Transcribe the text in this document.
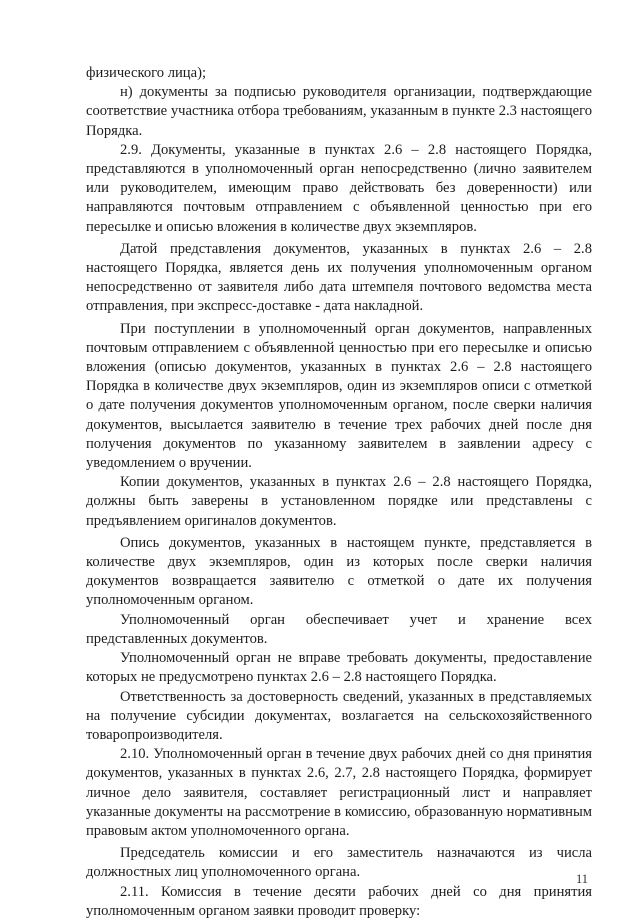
физического лица);

н) документы за подписью руководителя организации, подтверждающие соответствие участника отбора требованиям, указанным в пункте 2.3 настоящего Порядка.

2.9. Документы, указанные в пунктах 2.6 – 2.8 настоящего Порядка, представляются в уполномоченный орган непосредственно (лично заявителем или руководителем, имеющим право действовать без доверенности) или направляются почтовым отправлением с объявленной ценностью при его пересылке и описью вложения в количестве двух экземпляров.

Датой представления документов, указанных в пунктах 2.6 – 2.8 настоящего Порядка, является день их получения уполномоченным органом непосредственно от заявителя либо дата штемпеля почтового ведомства места отправления, при экспресс-доставке - дата накладной.

При поступлении в уполномоченный орган документов, направленных почтовым отправлением с объявленной ценностью при его пересылке и описью вложения (описью документов, указанных в пунктах 2.6 – 2.8 настоящего Порядка в количестве двух экземпляров, один из экземпляров описи с отметкой о дате получения документов уполномоченным органом, после сверки наличия документов, высылается заявителю в течение трех рабочих дней после дня получения документов по указанному заявителем в заявлении адресу с уведомлением о вручении.

Копии документов, указанных в пунктах 2.6 – 2.8 настоящего Порядка, должны быть заверены в установленном порядке или представлены с предъявлением оригиналов документов.

Опись документов, указанных в настоящем пункте, представляется в количестве двух экземпляров, один из которых после сверки наличия документов возвращается заявителю с отметкой о дате их получения уполномоченным органом.

Уполномоченный орган обеспечивает учет и хранение всех представленных документов.

Уполномоченный орган не вправе требовать документы, предоставление которых не предусмотрено пунктах 2.6 – 2.8 настоящего Порядка.

Ответственность за достоверность сведений, указанных в представляемых на получение субсидии документах, возлагается на сельскохозяйственного товаропроизводителя.

2.10. Уполномоченный орган в течение двух рабочих дней со дня принятия документов, указанных в пунктах 2.6, 2.7, 2.8 настоящего Порядка, формирует личное дело заявителя, составляет регистрационный лист и направляет указанные документы на рассмотрение в комиссию, образованную нормативным правовым актом уполномоченного органа.

Председатель комиссии и его заместитель назначаются из числа должностных лиц уполномоченного органа.

2.11. Комиссия в течение десяти рабочих дней со дня принятия уполномоченным органом заявки проводит проверку:

11
